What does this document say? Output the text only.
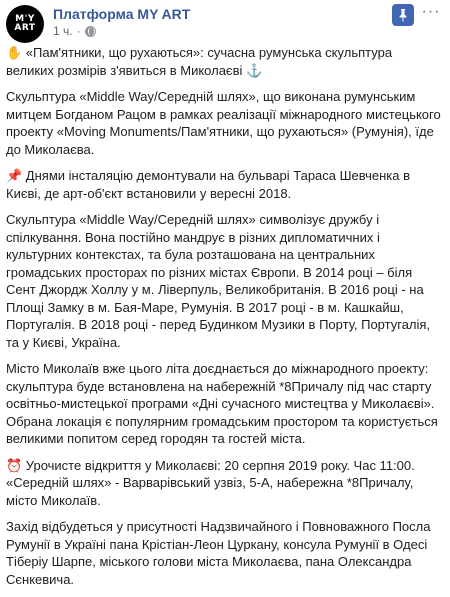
M'Y
ART
Платформа MY ART
1 ч. ·
···

✋ «Пам'ятники, що рухаються»: сучасна румунська скульптура великих розмірів з'явиться в Миколаєві ⚓

Скульптура «Middle Way/Середній шлях», що виконана румунським митцем Богданом Рацом в рамках реалізації міжнародного мистецького проекту «Moving Monuments/Пам'ятники, що рухаються» (Румунія), їде до Миколаєва.

📌 Днями інсталяцію демонтували на бульварі Тараса Шевченка в Києві, де арт-об'єкт встановили у вересні 2018.

Скульптура «Middle Way/Середній шлях» символізує дружбу і спілкування. Вона постійно мандрує в різних дипломатичних і культурних контекстах, та була розташована на центральних громадських просторах по різних містах Європи. В 2014 році – біля Сент Джордж Холлу у м. Ліверпуль, Великобританія. В 2016 році - на Площі Замку в м. Бая-Маре, Румунія. В 2017 році - в м. Кашкайш, Португалія. В 2018 році - перед Будинком Музики в Порту, Португалія, та у Києві, Україна.

Місто Миколаїв вже цього літа доєднається до міжнародного проекту: скульптура буде встановлена на набережній *8Причалу під час старту освітньо-мистецької програми «Дні сучасного мистецтва у Миколаєві». Обрана локація є популярним громадським простором та користується великими попитом серед городян та гостей міста.

⏰ Урочисте відкриття у Миколаєві: 20 серпня 2019 року. Час 11:00. «Середній шлях» - Варварівський узвіз, 5-А, набережна *8Причалу, місто Миколаїв.

Захід відбудеться у присутності Надзвичайного і Повноважного Посла Румунії в Україні пана Крістіан-Леон Цуркану, консула Румунії в Одесі Тіберіу Шарпе, міського голови міста Миколаєва, пана Олександра Сєнкевича.
